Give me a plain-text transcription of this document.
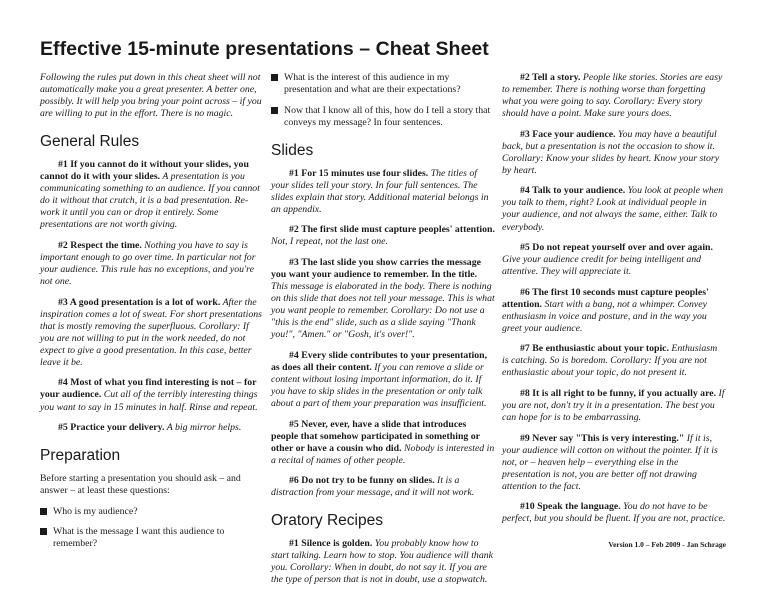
Effective 15-minute presentations – Cheat Sheet

Following the rules put down in this cheat sheet will not automatically make you a great presenter. A better one, possibly. It will help you bring your point across – if you are willing to put in the effort. There is no magic.

General Rules

#1 If you cannot do it without your slides, you cannot do it with your slides. A presentation is you communicating something to an audience. If you cannot do it without that crutch, it is a bad presentation. Re-work it until you can or drop it entirely. Some presentations are not worth giving.

#2 Respect the time. Nothing you have to say is important enough to go over time. In particular not for your audience. This rule has no exceptions, and you're not one.

#3 A good presentation is a lot of work. After the inspiration comes a lot of sweat. For short presentations that is mostly removing the superfluous. Corollary: If you are not willing to put in the work needed, do not expect to give a good presentation. In this case, better leave it be.

#4 Most of what you find interesting is not – for your audience. Cut all of the terribly interesting things you want to say in 15 minutes in half. Rinse and repeat.

#5 Practice your delivery. A big mirror helps.

Preparation

Before starting a presentation you should ask – and answer – at least these questions:

Who is my audience?

What is the message I want this audience to remember?

What is the interest of this audience in my presentation and what are their expectations?

Now that I know all of this, how do I tell a story that conveys my message? In four sentences.

Slides

#1 For 15 minutes use four slides. The titles of your slides tell your story. In four full sentences. The slides explain that story. Additional material belongs in an appendix.

#2 The first slide must capture peoples' attention. Not, I repeat, not the last one.

#3 The last slide you show carries the message you want your audience to remember. In the title. This message is elaborated in the body. There is nothing on this slide that does not tell your message. This is what you want people to remember. Corollary: Do not use a "this is the end" slide, such as a slide saying "Thank you!", "Amen." or "Gosh, it's over!".

#4 Every slide contributes to your presentation, as does all their content. If you can remove a slide or content without losing important information, do it. If you have to skip slides in the presentation or only talk about a part of them your preparation was insufficient.

#5 Never, ever, have a slide that introduces people that somehow participated in something or other or have a cousin who did. Nobody is interested in a recital of names of other people.

#6 Do not try to be funny on slides. It is a distraction from your message, and it will not work.

Oratory Recipes

#1 Silence is golden. You probably know how to start talking. Learn how to stop. You audience will thank you. Corollary: When in doubt, do not say it. If you are the type of person that is not in doubt, use a stopwatch.

#2 Tell a story. People like stories. Stories are easy to remember. There is nothing worse than forgetting what you were going to say. Corollary: Every story should have a point. Make sure yours does.

#3 Face your audience. You may have a beautiful back, but a presentation is not the occasion to show it. Corollary: Know your slides by heart. Know your story by heart.

#4 Talk to your audience. You look at people when you talk to them, right? Look at individual people in your audience, and not always the same, either. Talk to everybody.

#5 Do not repeat yourself over and over again. Give your audience credit for being intelligent and attentive. They will appreciate it.

#6 The first 10 seconds must capture peoples' attention. Start with a bang, not a whimper. Convey enthusiasm in voice and posture, and in the way you greet your audience.

#7 Be enthusiastic about your topic. Enthusiasm is catching. So is boredom. Corollary: If you are not enthusiastic about your topic, do not present it.

#8 It is all right to be funny, if you actually are. If you are not, don't try it in a presentation. The best you can hope for is to be embarrassing.

#9 Never say "This is very interesting." If it is, your audience will cotton on without the pointer. If it is not, or – heaven help – everything else in the presentation is not, you are better off not drawing attention to the fact.

#10 Speak the language. You do not have to be perfect, but you should be fluent. If you are not, practice.

Version 1.0 – Feb 2009 - Jan Schrage
